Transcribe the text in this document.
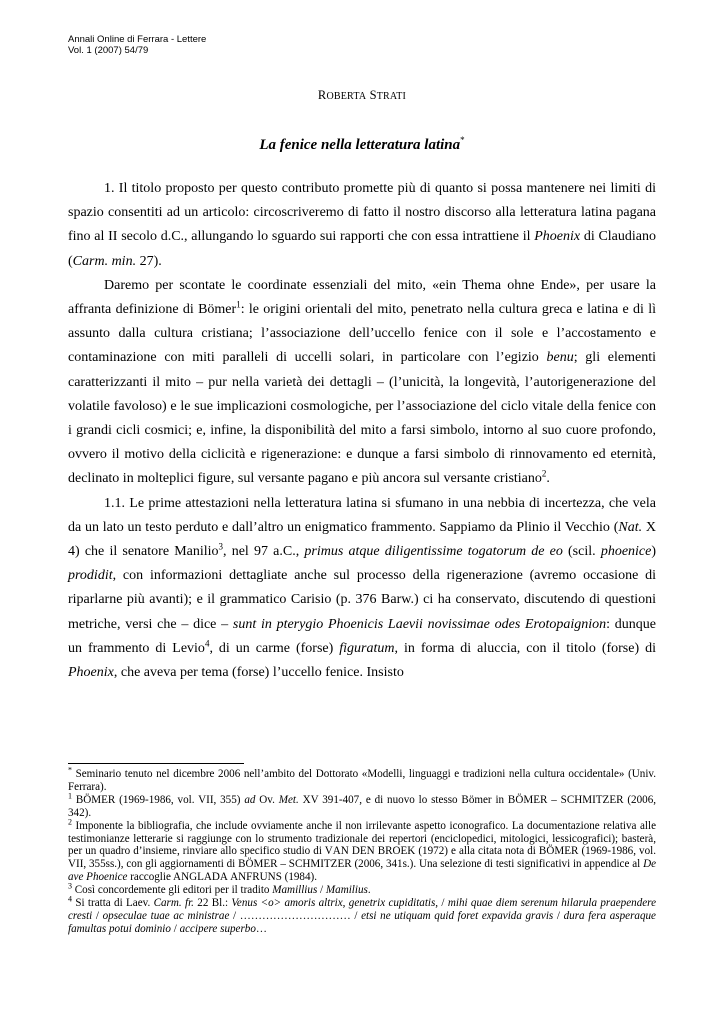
Annali Online di Ferrara - Lettere
Vol. 1 (2007) 54/79
ROBERTA STRATI
La fenice nella letteratura latina*

1. Il titolo proposto per questo contributo promette più di quanto si possa mantenere nei limiti di spazio consentiti ad un articolo: circoscriveremo di fatto il nostro discorso alla letteratura latina pagana fino al II secolo d.C., allungando lo sguardo sui rapporti che con essa intrattiene il Phoenix di Claudiano (Carm. min. 27).

Daremo per scontate le coordinate essenziali del mito, «ein Thema ohne Ende», per usare la affranta definizione di Bömer$^1$: le origini orientali del mito, penetrato nella cultura greca e latina e di lì assunto dalla cultura cristiana; l’associazione dell’uccello fenice con il sole e l’accostamento e contaminazione con miti paralleli di uccelli solari, in particolare con l’egizio benu; gli elementi caratterizzanti il mito – pur nella varietà dei dettagli – (l’unicità, la longevità, l’autorigenerazione del volatile favoloso) e le sue implicazioni cosmologiche, per l’associazione del ciclo vitale della fenice con i grandi cicli cosmici; e, infine, la disponibilità del mito a farsi simbolo, intorno al suo cuore profondo, ovvero il motivo della ciclicità e rigenerazione: e dunque a farsi simbolo di rinnovamento ed eternità, declinato in molteplici figure, sul versante pagano e più ancora sul versante cristiano$^2$.

1.1. Le prime attestazioni nella letteratura latina si sfumano in una nebbia di incertezza, che vela da un lato un testo perduto e dall’altro un enigmatico frammento. Sappiamo da Plinio il Vecchio (Nat. X 4) che il senatore Manilio$^3$, nel 97 a.C., primus atque diligentissime togatorum de eo (scil. phoenice) prodidit, con informazioni dettagliate anche sul processo della rigenerazione (avremo occasione di riparlarne più avanti); e il grammatico Carisio (p. 376 Barw.) ci ha conservato, discutendo di questioni metriche, versi che – dice – sunt in pterygio Phoenicis Laevii novissimae odes Erotopaignion: dunque un frammento di Levio$^4$, di un carme (forse) figuratum, in forma di aluccia, con il titolo (forse) di Phoenix, che aveva per tema (forse) l’uccello fenice. Insisto

* Seminario tenuto nel dicembre 2006 nell’ambito del Dottorato «Modelli, linguaggi e tradizioni nella cultura occidentale» (Univ. Ferrara).

$^1$ BÖMER (1969-1986, vol. VII, 355) ad Ov. Met. XV 391-407, e di nuovo lo stesso Bömer in BÖMER – SCHMITZER (2006, 342).

$^2$ Imponente la bibliografia, che include ovviamente anche il non irrilevante aspetto iconografico. La documentazione relativa alle testimonianze letterarie si raggiunge con lo strumento tradizionale dei repertori (enciclopedici, mitologici, lessicografici); basterà, per un quadro d’insieme, rinviare allo specifico studio di VAN DEN BROEK (1972) e alla citata nota di BÖMER (1969-1986, vol. VII, 355ss.), con gli aggiornamenti di BÖMER – SCHMITZER (2006, 341s.). Una selezione di testi significativi in appendice al De ave Phoenice raccoglie ANGLADA ANFRUNS (1984).

$^3$ Così concordemente gli editori per il tradito Mamillius / Mamilius.

$^4$ Si tratta di Laev. Carm. fr. 22 Bl.: Venus <o> amoris altrix, genetrix cupiditatis, / mihi quae diem serenum hilarula praependere cresti / opseculae tuae ac ministrae / ………………………… / etsi ne utiquam quid foret expavida gravis / dura fera asperaque famultas potui dominio / accipere superbo…
